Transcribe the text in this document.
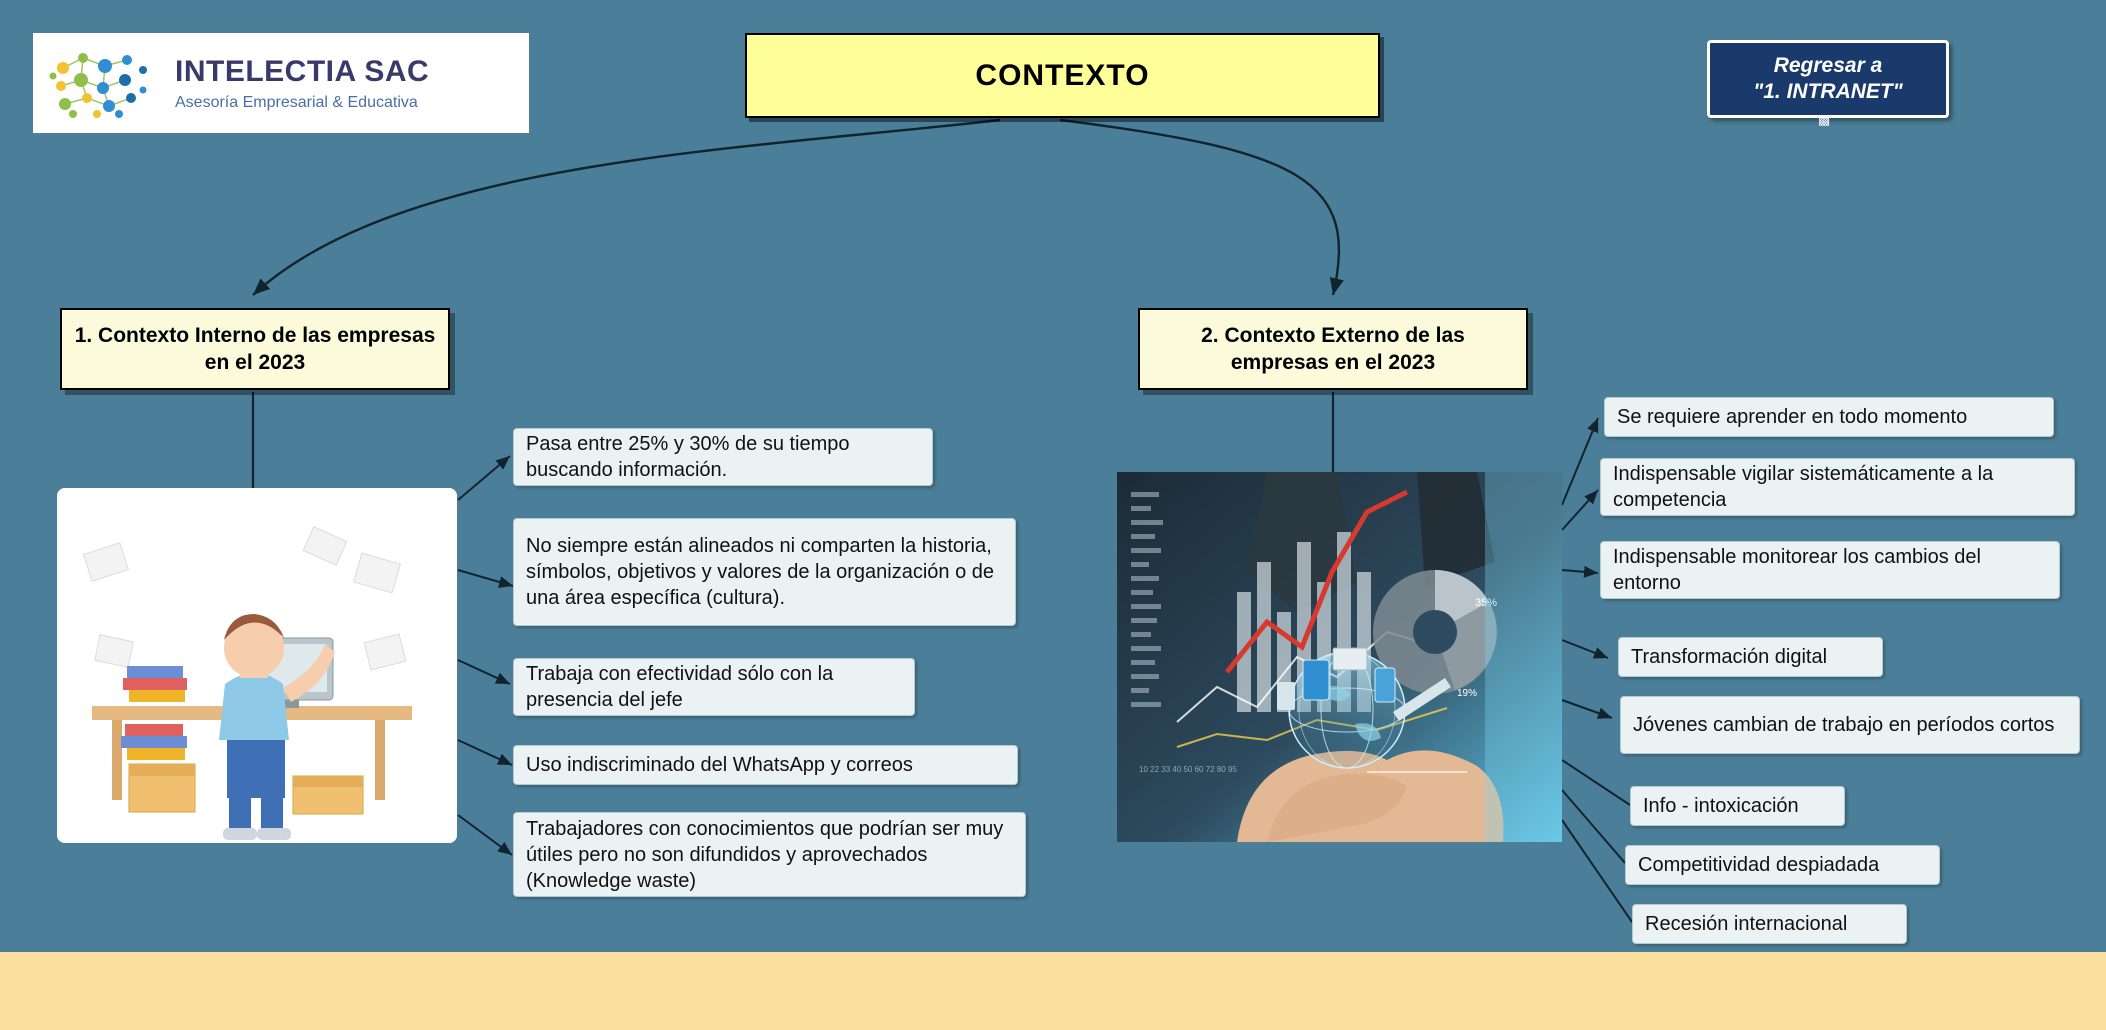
INTELECTIA SAC
Asesoría Empresarial & Educativa
CONTEXTO	Regresar a
"1. INTRANET"
▩
1. Contexto Interno de las empresas en el 2023
2. Contexto Externo de las empresas en el 2023
35%
19%
10 22 33 40 50 60 72 80 95
Pasa entre 25% y 30% de su tiempo buscando información.
No siempre están alineados ni comparten la historia, símbolos, objetivos y valores de la organización o de una área específica (cultura).
Trabaja con efectividad sólo con la presencia del jefe
Uso indiscriminado del WhatsApp y correos
Trabajadores con conocimientos que podrían ser muy útiles pero no son difundidos y aprovechados (Knowledge waste)
Se requiere aprender en todo momento
Indispensable vigilar sistemáticamente a la competencia
Indispensable monitorear los cambios del entorno
Transformación digital
Jóvenes cambian de trabajo en períodos cortos
Info - intoxicación
Competitividad despiadada
Recesión internacional
